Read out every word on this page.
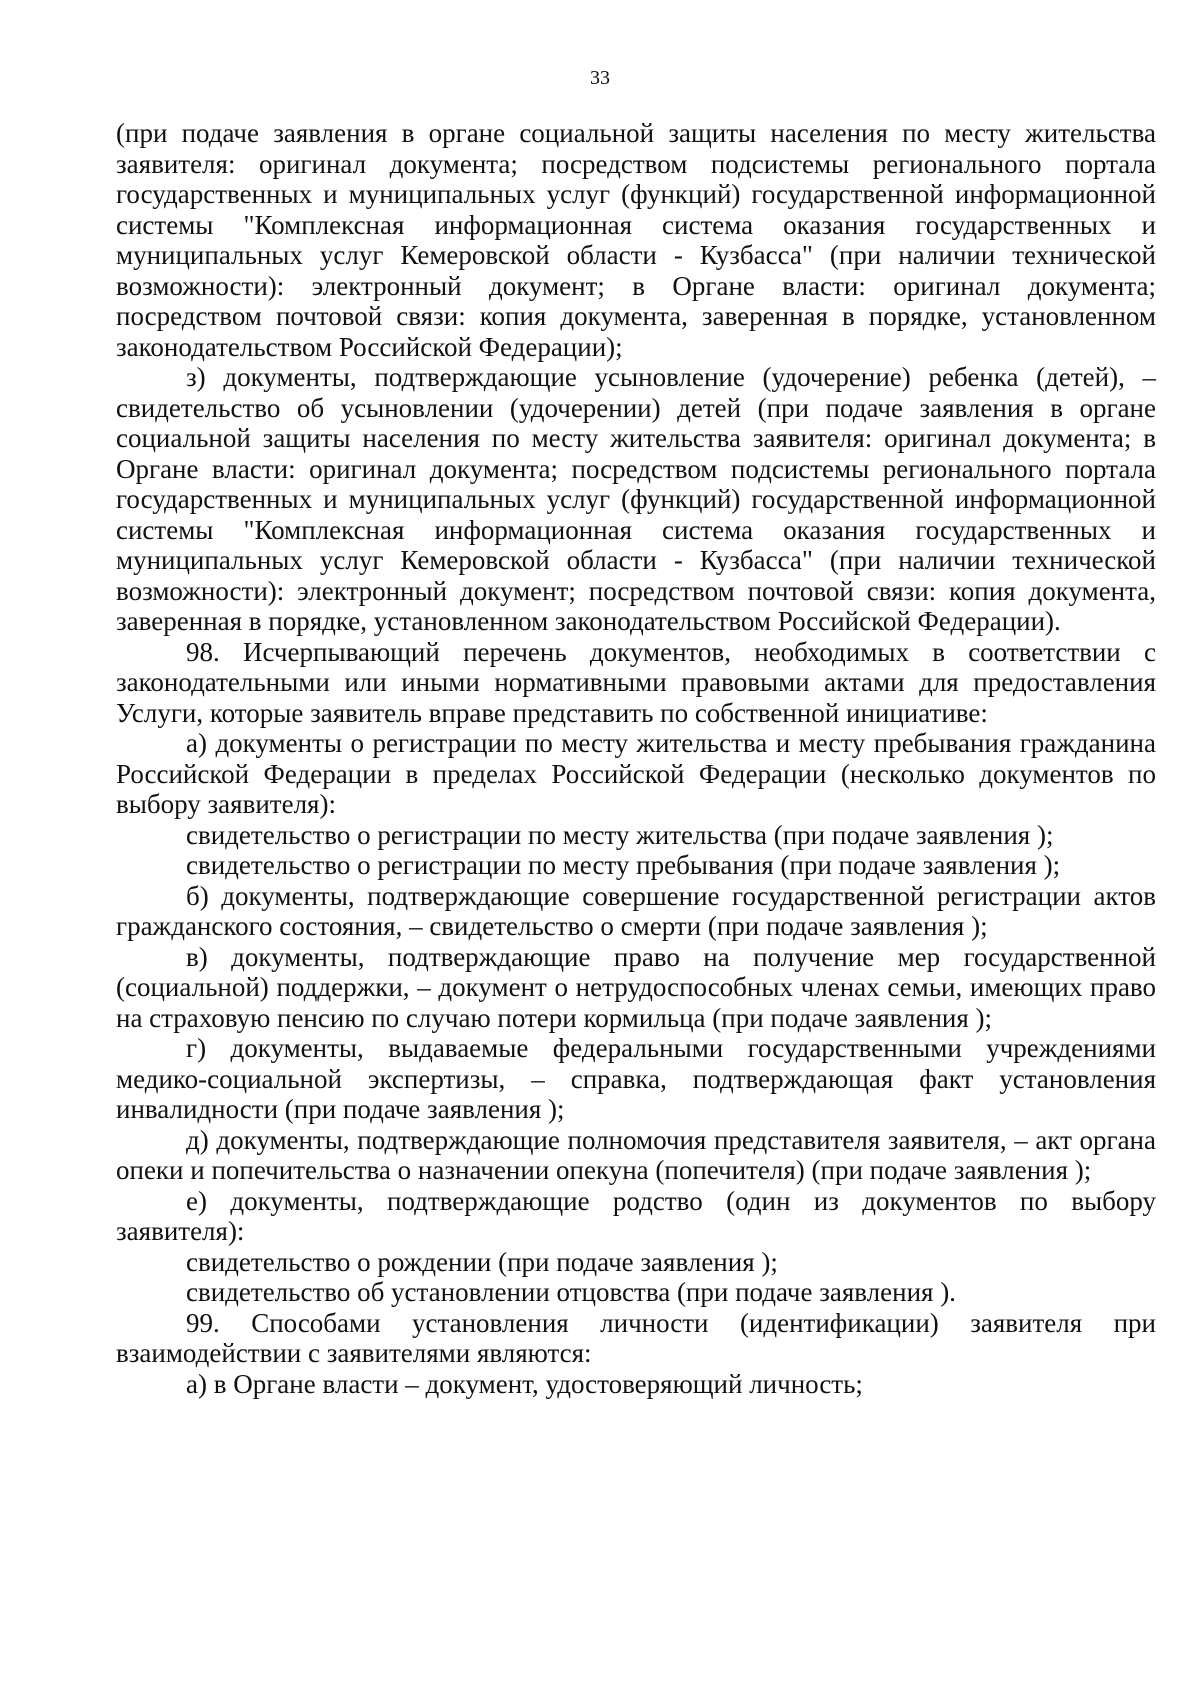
33

(при подаче заявления в органе социальной защиты населения по месту жительства заявителя: оригинал документа; посредством подсистемы регионального портала государственных и муниципальных услуг (функций) государственной информационной системы "Комплексная информационная система оказания государственных и муниципальных услуг Кемеровской области - Кузбасса" (при наличии технической возможности): электронный документ; в Органе власти: оригинал документа; посредством почтовой связи: копия документа, заверенная в порядке, установленном законодательством Российской Федерации);

з) документы, подтверждающие усыновление (удочерение) ребенка (детей), – свидетельство об усыновлении (удочерении) детей (при подаче заявления в органе социальной защиты населения по месту жительства заявителя: оригинал документа; в Органе власти: оригинал документа; посредством подсистемы регионального портала государственных и муниципальных услуг (функций) государственной информационной системы "Комплексная информационная система оказания государственных и муниципальных услуг Кемеровской области - Кузбасса" (при наличии технической возможности): электронный документ; посредством почтовой связи: копия документа, заверенная в порядке, установленном законодательством Российской Федерации).

98. Исчерпывающий перечень документов, необходимых в соответствии с законодательными или иными нормативными правовыми актами для предоставления Услуги, которые заявитель вправе представить по собственной инициативе:

а) документы о регистрации по месту жительства и месту пребывания гражданина Российской Федерации в пределах Российской Федерации (несколько документов по выбору заявителя):

свидетельство о регистрации по месту жительства (при подаче заявления );

свидетельство о регистрации по месту пребывания (при подаче заявления );

б) документы, подтверждающие совершение государственной регистрации актов гражданского состояния, – свидетельство о смерти (при подаче заявления );

в) документы, подтверждающие право на получение мер государственной (социальной) поддержки, – документ о нетрудоспособных членах семьи, имеющих право на страховую пенсию по случаю потери кормильца (при подаче заявления );

г) документы, выдаваемые федеральными государственными учреждениями медико-социальной экспертизы, – справка, подтверждающая факт установления инвалидности (при подаче заявления );

д) документы, подтверждающие полномочия представителя заявителя, – акт органа опеки и попечительства о назначении опекуна (попечителя) (при подаче заявления );

е) документы, подтверждающие родство (один из документов по выбору заявителя):

свидетельство о рождении (при подаче заявления );

свидетельство об установлении отцовства (при подаче заявления ).

99. Способами установления личности (идентификации) заявителя при взаимодействии с заявителями являются:

а) в Органе власти – документ, удостоверяющий личность;
